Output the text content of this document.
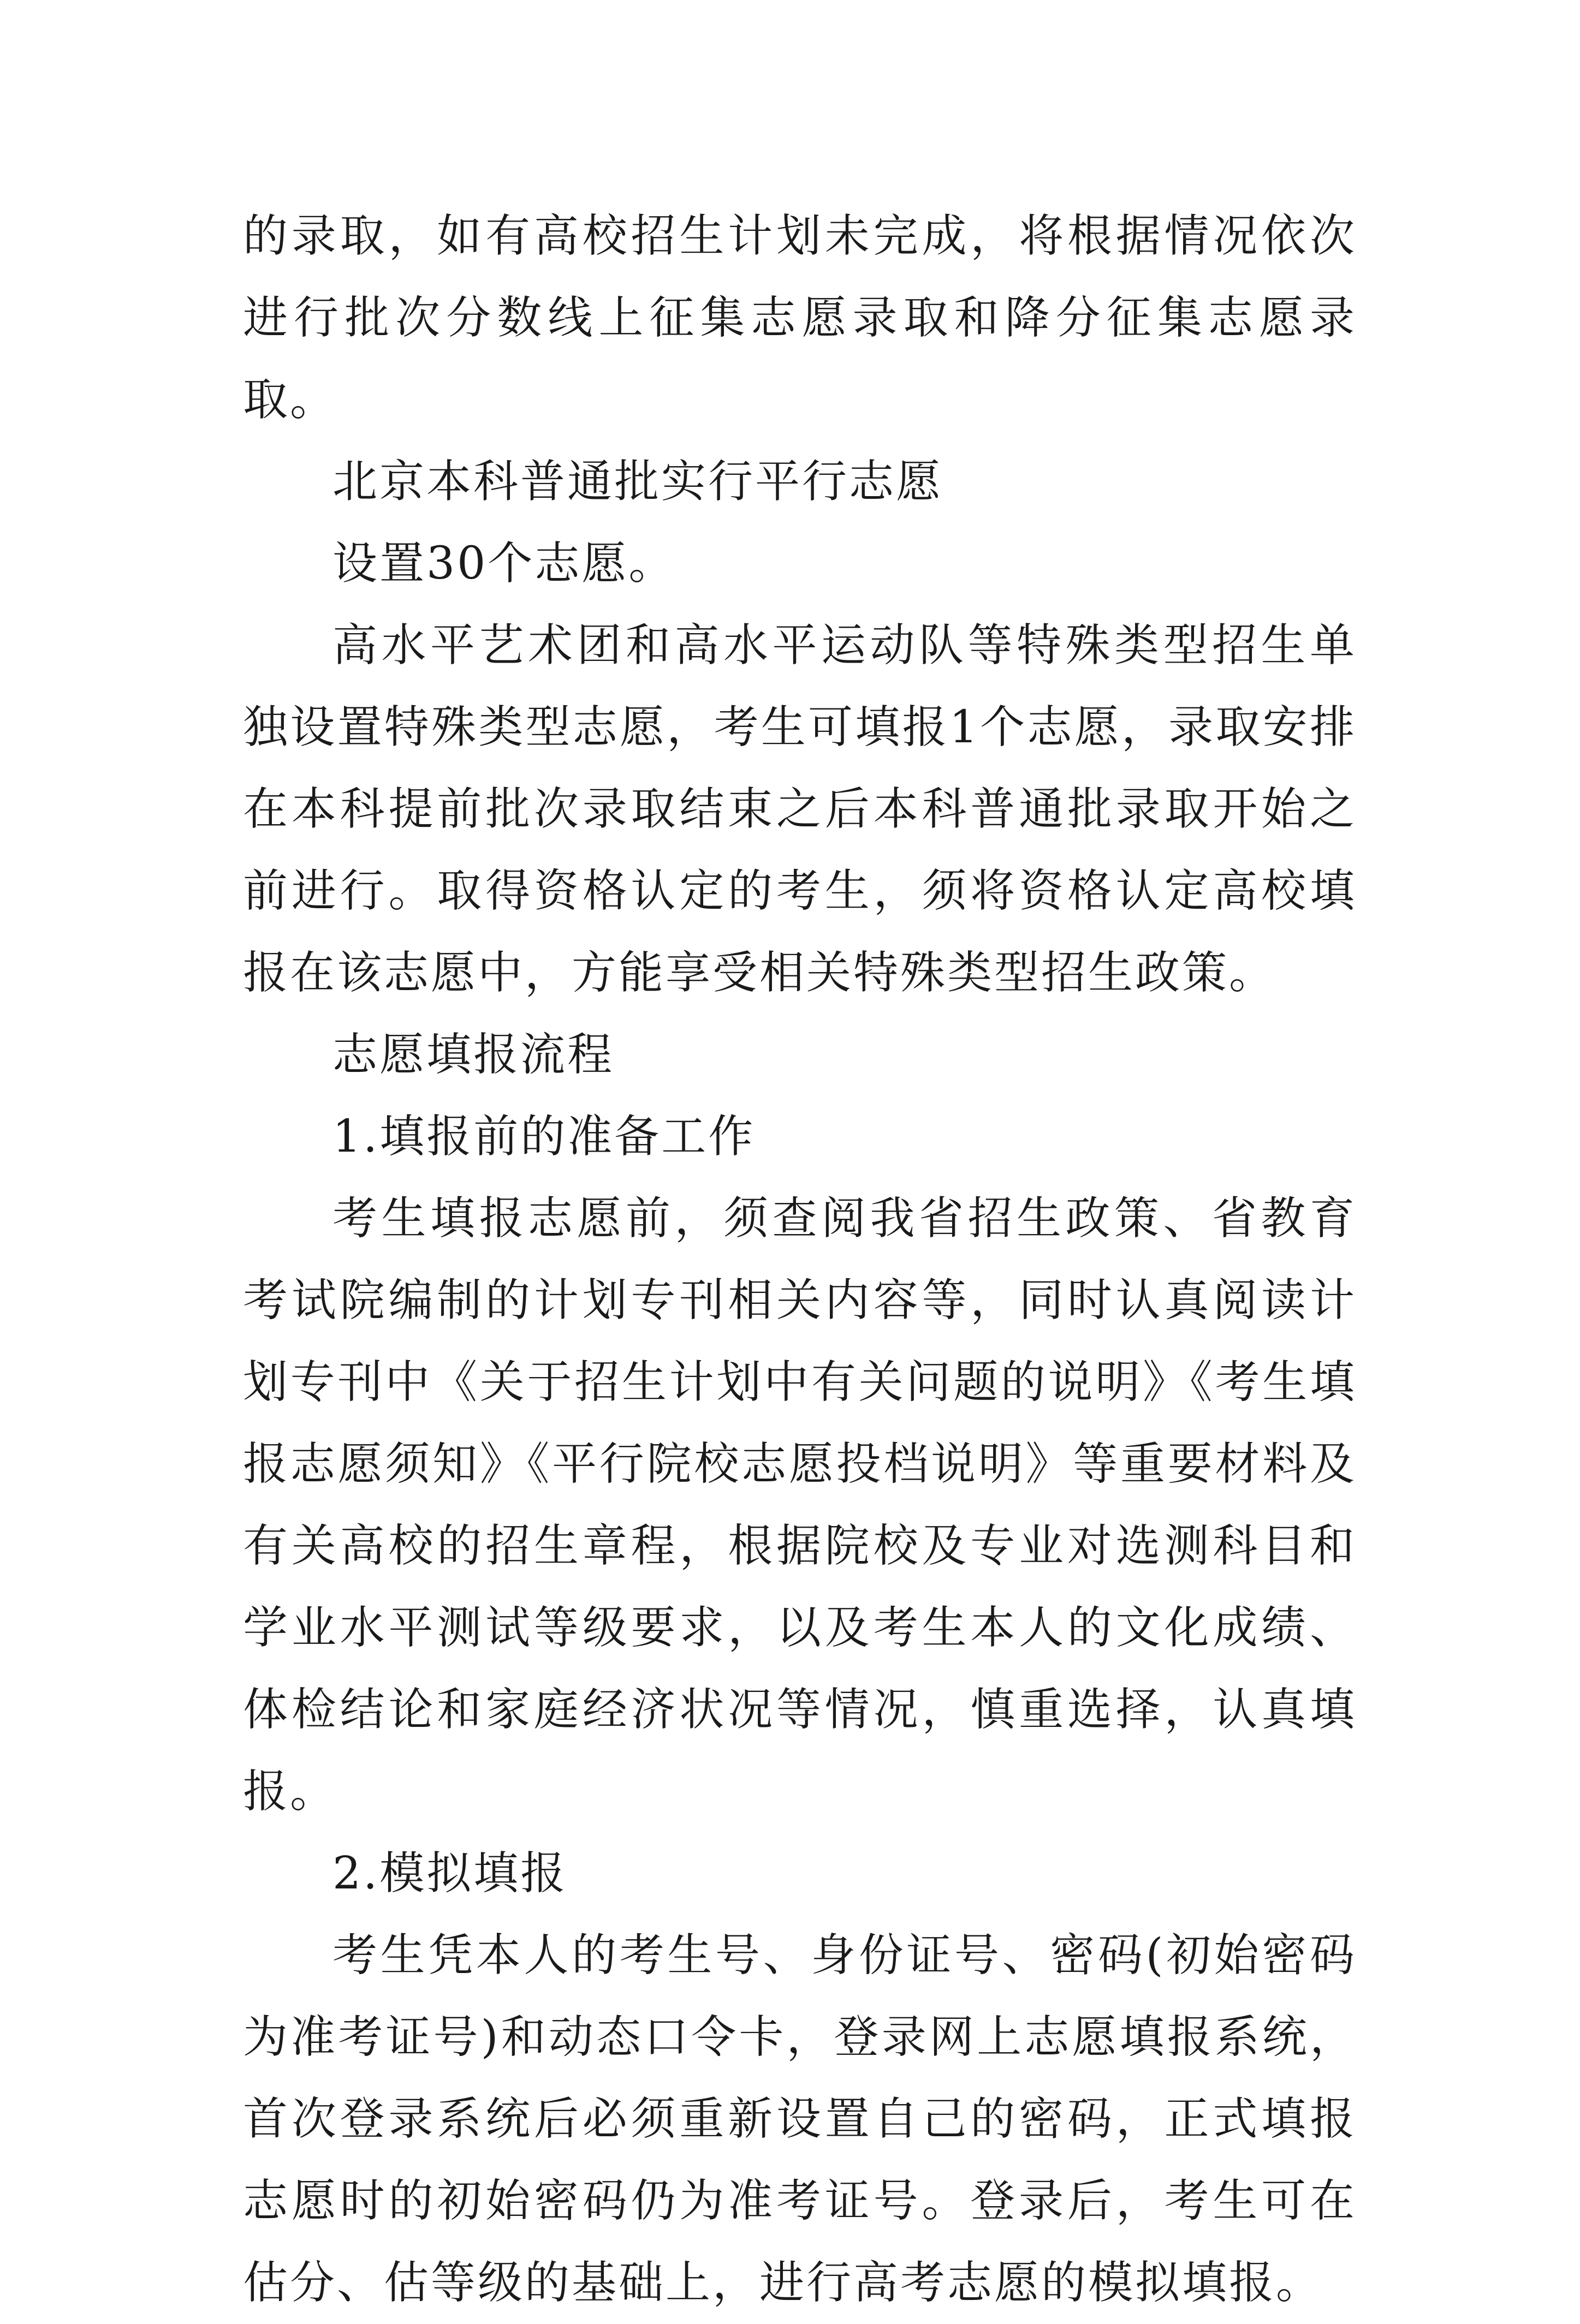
的录取，如有高校招生计划未完成，将根据情况依次进行批次分数线上征集志愿录取和降分征集志愿录取。

北京本科普通批实行平行志愿

设置30个志愿。

高水平艺术团和高水平运动队等特殊类型招生单独设置特殊类型志愿，考生可填报1个志愿，录取安排在本科提前批次录取结束之后本科普通批录取开始之前进行。取得资格认定的考生，须将资格认定高校填报在该志愿中，方能享受相关特殊类型招生政策。

志愿填报流程

1.填报前的准备工作

考生填报志愿前，须查阅我省招生政策、省教育考试院编制的计划专刊相关内容等，同时认真阅读计划专刊中《关于招生计划中有关问题的说明》《考生填报志愿须知》《平行院校志愿投档说明》等重要材料及有关高校的招生章程，根据院校及专业对选测科目和学业水平测试等级要求，以及考生本人的文化成绩、体检结论和家庭经济状况等情况，慎重选择，认真填报。

2.模拟填报

考生凭本人的考生号、身份证号、密码(初始密码为准考证号)和动态口令卡，登录网上志愿填报系统，首次登录系统后必须重新设置自己的密码，正式填报志愿时的初始密码仍为准考证号。登录后，考生可在估分、估等级的基础上，进行高考志愿的模拟填报。
